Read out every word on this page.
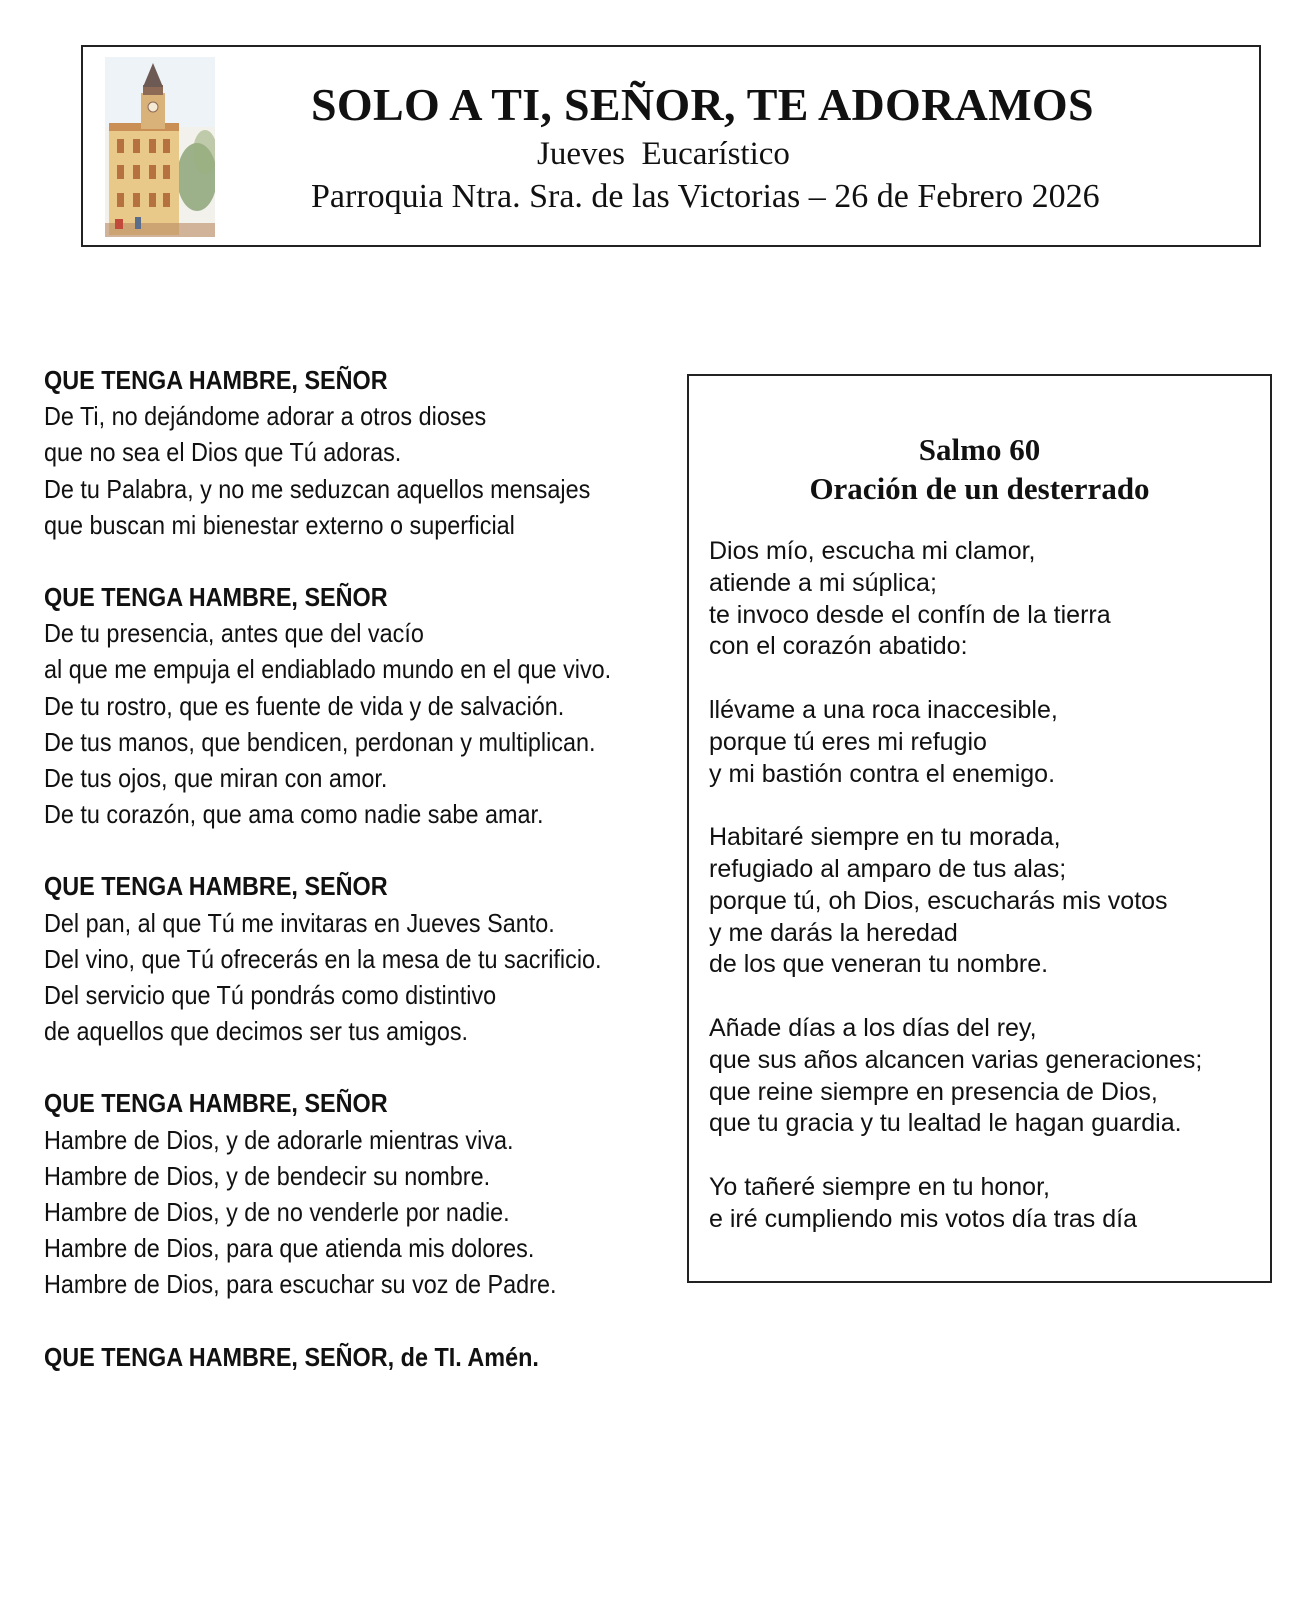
SOLO A TI, SEÑOR, TE ADORAMOS
Jueves  Eucarístico
Parroquia Ntra. Sra. de las Victorias – 26 de Febrero 2026
QUE TENGA HAMBRE, SEÑOR
De Ti, no dejándome adorar a otros dioses
que no sea el Dios que Tú adoras.
De tu Palabra, y no me seduzcan aquellos mensajes
que buscan mi bienestar externo o superficial
QUE TENGA HAMBRE, SEÑOR
De tu presencia, antes que del vacío
al que me empuja el endiablado mundo en el que vivo.
De tu rostro, que es fuente de vida y de salvación.
De tus manos, que bendicen, perdonan y multiplican.
De tus ojos, que miran con amor.
De tu corazón, que ama como nadie sabe amar.
QUE TENGA HAMBRE, SEÑOR
Del pan, al que Tú me invitaras en Jueves Santo.
Del vino, que Tú ofrecerás en la mesa de tu sacrificio.
Del servicio que Tú pondrás como distintivo
de aquellos que decimos ser tus amigos.
QUE TENGA HAMBRE, SEÑOR
Hambre de Dios, y de adorarle mientras viva.
Hambre de Dios, y de bendecir su nombre.
Hambre de Dios, y de no venderle por nadie.
Hambre de Dios, para que atienda mis dolores.
Hambre de Dios, para escuchar su voz de Padre.
QUE TENGA HAMBRE, SEÑOR, de TI. Amén.
Salmo 60
Oración de un desterrado
Dios mío, escucha mi clamor,
atiende a mi súplica;
te invoco desde el confín de la tierra
con el corazón abatido:
llévame a una roca inaccesible,
porque tú eres mi refugio
y mi bastión contra el enemigo.
Habitaré siempre en tu morada,
refugiado al amparo de tus alas;
porque tú, oh Dios, escucharás mis votos
y me darás la heredad
de los que veneran tu nombre.
Añade días a los días del rey,
que sus años alcancen varias generaciones;
que reine siempre en presencia de Dios,
que tu gracia y tu lealtad le hagan guardia.
Yo tañeré siempre en tu honor,
e iré cumpliendo mis votos día tras día
